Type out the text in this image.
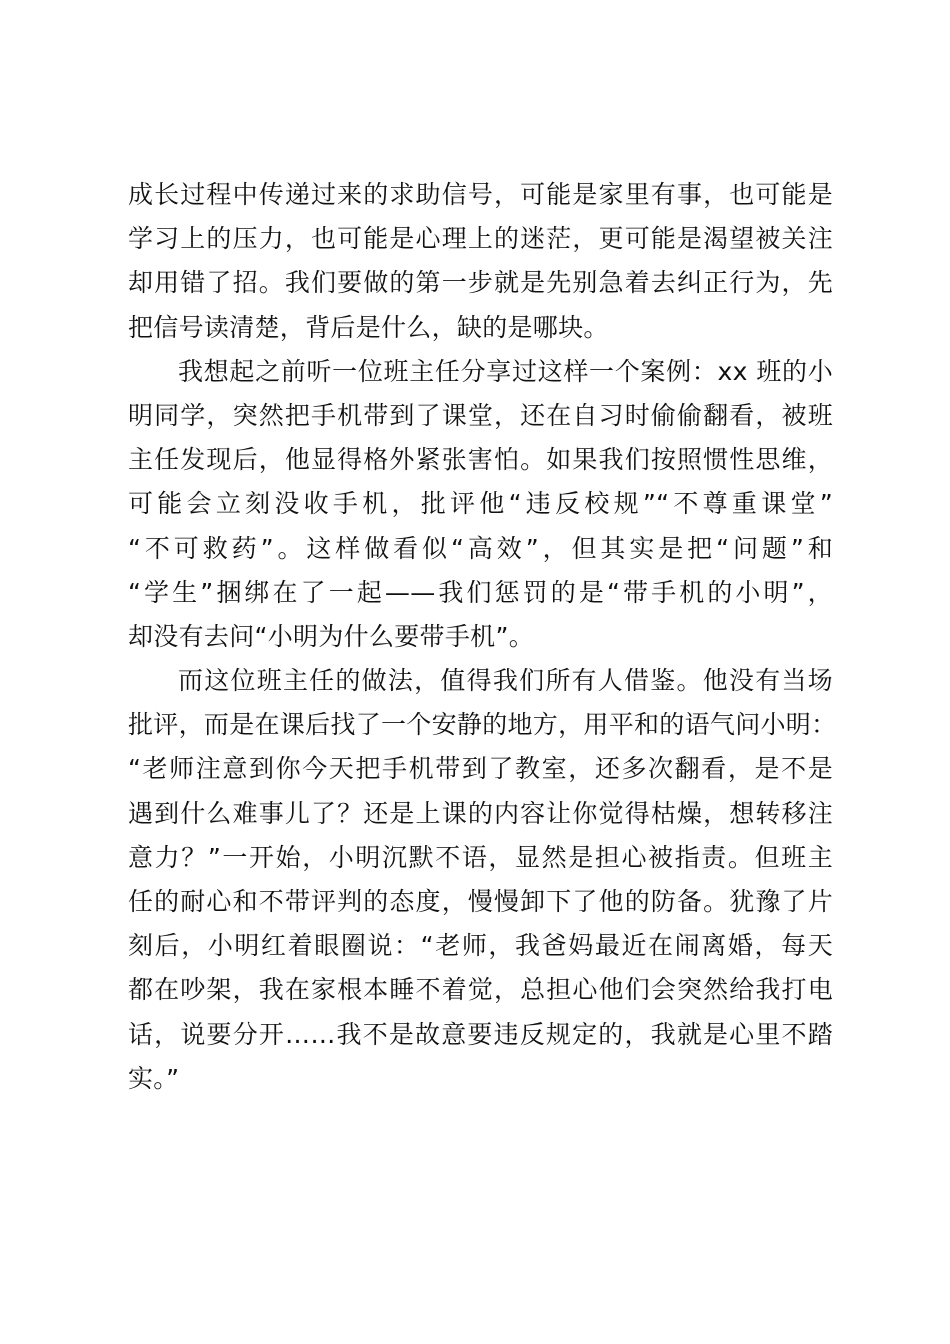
成长过程中传递过来的求助信号，可能是家里有事，也可能是
学习上的压力，也可能是心理上的迷茫，更可能是渴望被关注
却用错了招。我们要做的第一步就是先别急着去纠正行为，先
把信号读清楚，背后是什么，缺的是哪块。
我想起之前听一位班主任分享过这样一个案例：xx 班的小
明同学，突然把手机带到了课堂，还在自习时偷偷翻看，被班
主任发现后，他显得格外紧张害怕。如果我们按照惯性思维，
可能会立刻没收手机，批评他“违反校规”“不尊重课堂”
“不可救药”。这样做看似“高效”，但其实是把“问题”和
“学生”捆绑在了一起——我们惩罚的是“带手机的小明”，
却没有去问“小明为什么要带手机”。
而这位班主任的做法，值得我们所有人借鉴。他没有当场
批评，而是在课后找了一个安静的地方，用平和的语气问小明：
“老师注意到你今天把手机带到了教室，还多次翻看，是不是
遇到什么难事儿了？还是上课的内容让你觉得枯燥，想转移注
意力？”一开始，小明沉默不语，显然是担心被指责。但班主
任的耐心和不带评判的态度，慢慢卸下了他的防备。犹豫了片
刻后，小明红着眼圈说：“老师，我爸妈最近在闹离婚，每天
都在吵架，我在家根本睡不着觉，总担心他们会突然给我打电
话，说要分开……我不是故意要违反规定的，我就是心里不踏
实。”
